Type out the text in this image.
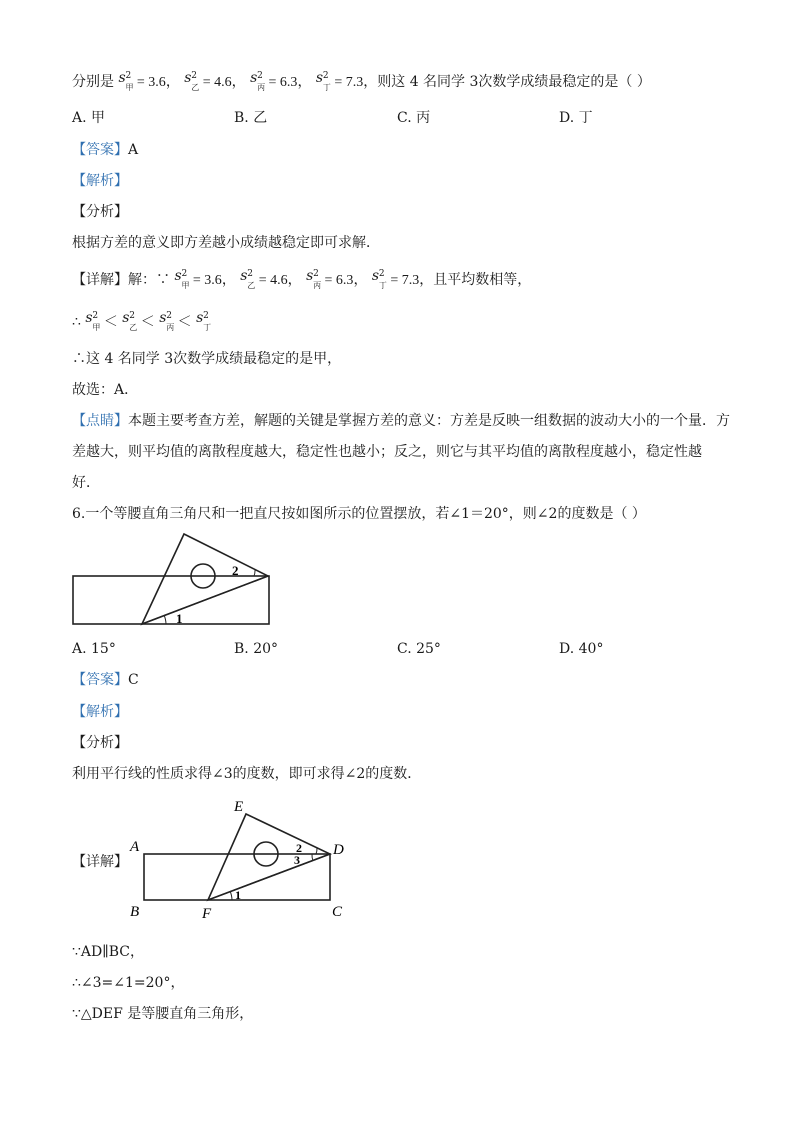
分别是 s 2
甲 = 3.6， s 2
乙 = 4.6， s 2
丙 = 6.3， s 2
丁 = 7.3，则这 4 名同学 3次数学成绩最稳定的是（ ）
A. 甲	B. 乙	C. 丙	D. 丁
【答案】A
【解析】
【分析】
根据方差的意义即方差越小成绩越稳定即可求解．
【详解】解：∵ s 2
甲 = 3.6， s 2
乙 = 4.6， s 2
丙 = 6.3， s 2
丁 = 7.3，且平均数相等，
∴ s 2
甲 ＜ s 2
乙 ＜ s 2
丙 ＜ s 2
丁
∴这 4 名同学 3次数学成绩最稳定的是甲，
故选：A．
【点睛】本题主要考查方差，解题的关键是掌握方差的意义：方差是反映一组数据的波动大小的一个量．方
差越大，则平均值的离散程度越大，稳定性也越小；反之，则它与其平均值的离散程度越小，稳定性越
好．
6.一个等腰直角三角尺和一把直尺按如图所示的位置摆放，若∠1＝20°，则∠2的度数是（ ）
1
2
A. 15°	B. 20°	C. 25°	D. 40°
【答案】C
【解析】
【分析】
利用平行线的性质求得∠3的度数，即可求得∠2的度数．
【详解】
A
B	C
D
E
F
1
2
3
∵AD∥BC，
∴∠3=∠1=20°，
∵△DEF 是等腰直角三角形，
